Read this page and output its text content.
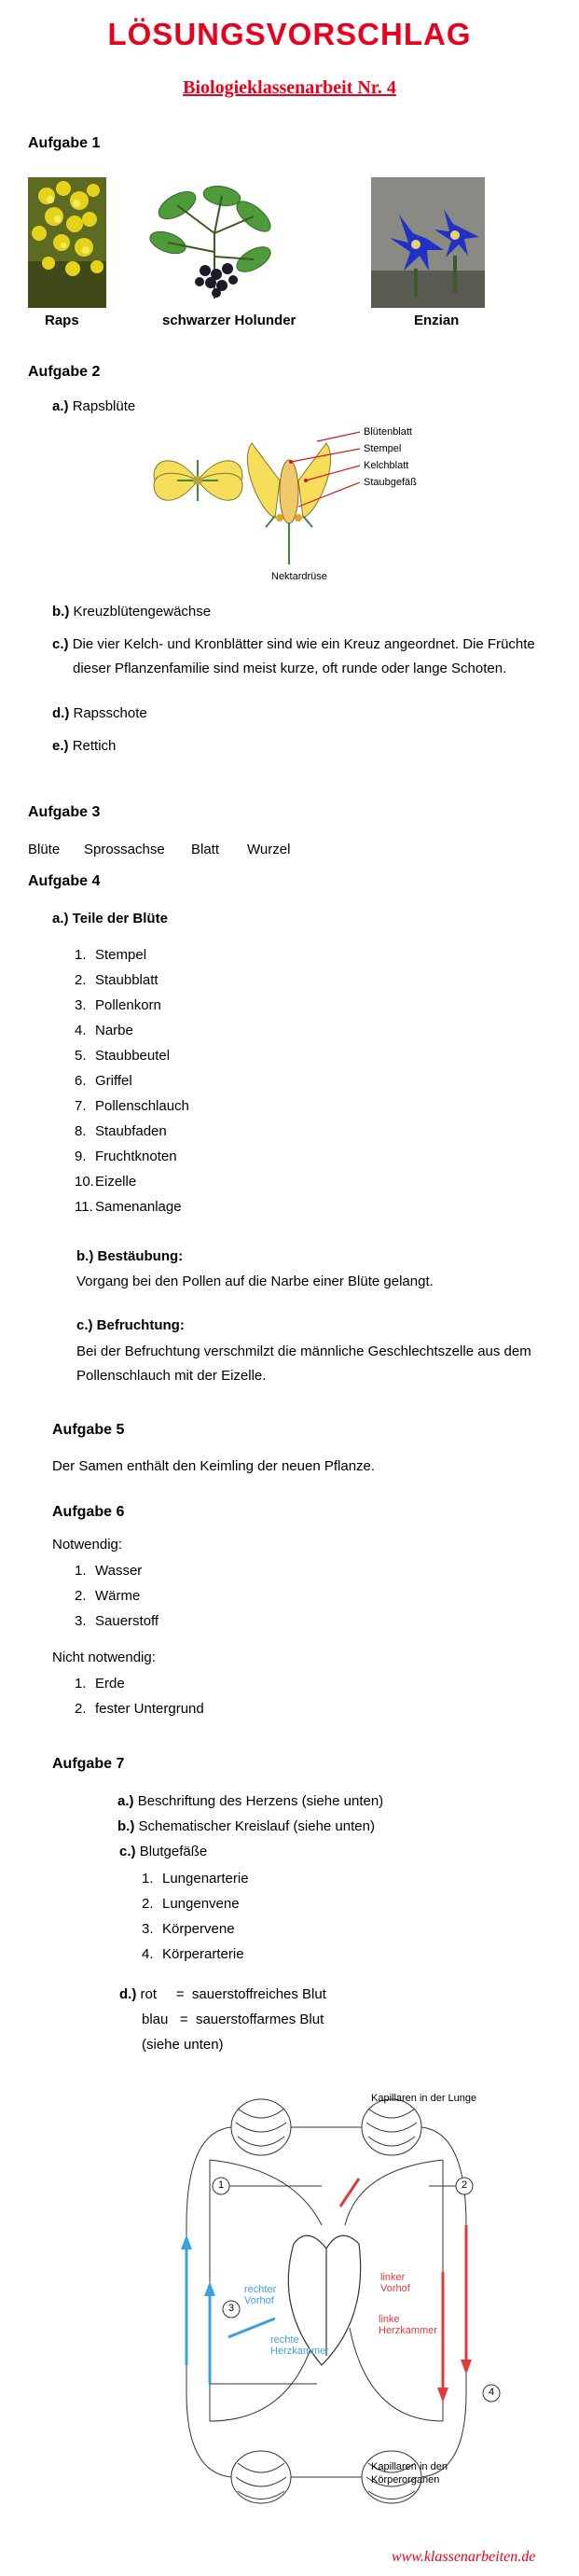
LÖSUNGSVORSCHLAG
Biologieklassenarbeit Nr. 4
Aufgabe 1
Raps	schwarzer Holunder	Enzian
Aufgabe 2
a.) Rapsblüte
Blütenblatt
Stempel
Kelchblatt
Staubgefäß
Nektardrüse
b.) Kreuzblütengewächse
c.) Die vier Kelch- und Kronblätter sind wie ein Kreuz angeordnet. Die Früchte
dieser Pflanzenfamilie sind meist kurze, oft runde oder lange Schoten.
d.) Rapsschote
e.) Rettich
Aufgabe 3
Blüte Sprossachse Blatt Wurzel
Aufgabe 4
a.) Teile der Blüte
1. Stempel
2. Staubblatt
3. Pollenkorn
4. Narbe
5. Staubbeutel
6. Griffel
7. Pollenschlauch
8. Staubfaden
9. Fruchtknoten
10.Eizelle
11. Samenanlage
b.) Bestäubung:
Vorgang bei den Pollen auf die Narbe einer Blüte gelangt.
c.) Befruchtung:
Bei der Befruchtung verschmilzt die männliche Geschlechtszelle aus dem
Pollenschlauch mit der Eizelle.
Aufgabe 5
Der Samen enthält den Keimling der neuen Pflanze.
Aufgabe 6
Notwendig:
1. Wasser
2. Wärme
3. Sauerstoff
Nicht notwendig:
1. Erde
2. fester Untergrund
Aufgabe 7
a.) Beschriftung des Herzens (siehe unten)
b.) Schematischer Kreislauf (siehe unten)
c.) Blutgefäße
1. Lungenarterie
2. Lungenvene
3. Körpervene
4. Körperarterie
d.) rot     =  sauerstoffreiches Blut
blau   =  sauerstoffarmes Blut
(siehe unten)
Kapillaren in der Lunge
Kapillaren in den
Körperorganen
linker Vorhof
linke Herzkammer
rechter Vorhof
rechte Herzkammer
1	2
3
4
www.klassenarbeiten.de
